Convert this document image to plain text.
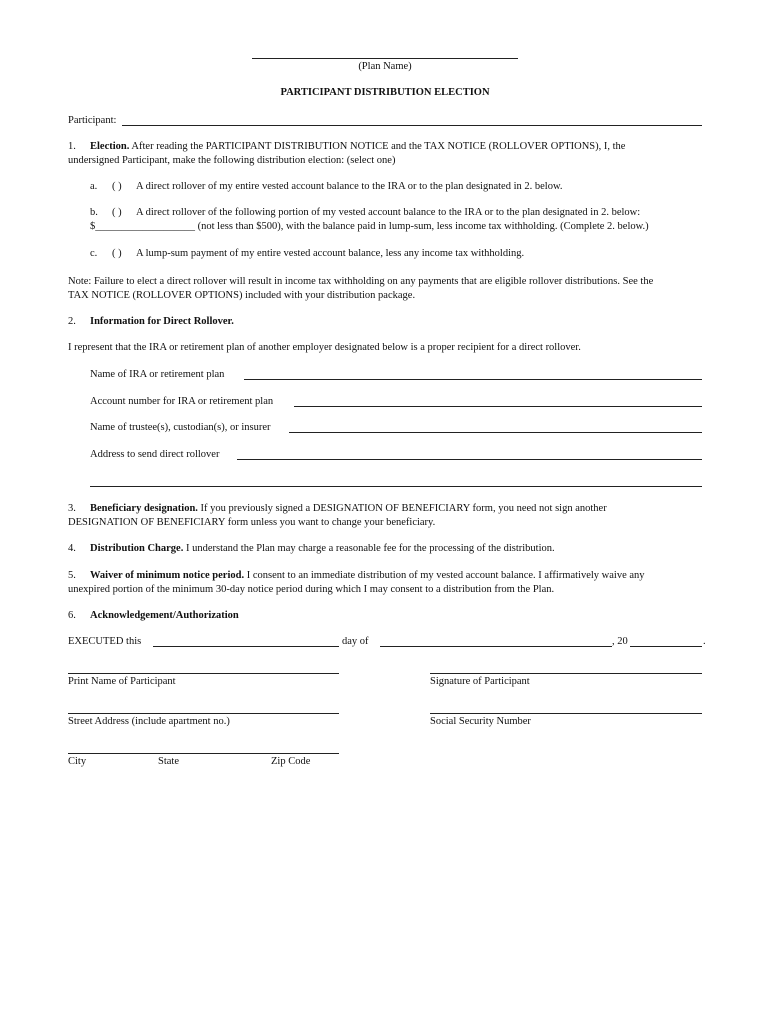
(Plan Name)
PARTICIPANT DISTRIBUTION ELECTION
Participant:
1. Election. After reading the PARTICIPANT DISTRIBUTION NOTICE and the TAX NOTICE (ROLLOVER OPTIONS), I, the
undersigned Participant, make the following distribution election: (select one)
a. ( ) A direct rollover of my entire vested account balance to the IRA or to the plan designated in 2. below.
b. ( ) A direct rollover of the following portion of my vested account balance to the IRA or to the plan designated in 2. below:
$___________________ (not less than $500), with the balance paid in lump-sum, less income tax withholding. (Complete 2. below.)
c. ( ) A lump-sum payment of my entire vested account balance, less any income tax withholding.
Note: Failure to elect a direct rollover will result in income tax withholding on any payments that are eligible rollover distributions. See the
TAX NOTICE (ROLLOVER OPTIONS) included with your distribution package.
2. Information for Direct Rollover.
I represent that the IRA or retirement plan of another employer designated below is a proper recipient for a direct rollover.
Name of IRA or retirement plan
Account number for IRA or retirement plan
Name of trustee(s), custodian(s), or insurer
Address to send direct rollover
3. Beneficiary designation. If you previously signed a DESIGNATION OF BENEFICIARY form, you need not sign another
DESIGNATION OF BENEFICIARY form unless you want to change your beneficiary.
4. Distribution Charge. I understand the Plan may charge a reasonable fee for the processing of the distribution.
5. Waiver of minimum notice period. I consent to an immediate distribution of my vested account balance. I affirmatively waive any
unexpired portion of the minimum 30-day notice period during which I may consent to a distribution from the Plan.
6. Acknowledgement/Authorization
EXECUTED this	day of	, 20	.
Print Name of Participant	Signature of Participant
Street Address (include apartment no.)	Social Security Number
City	State	Zip Code
